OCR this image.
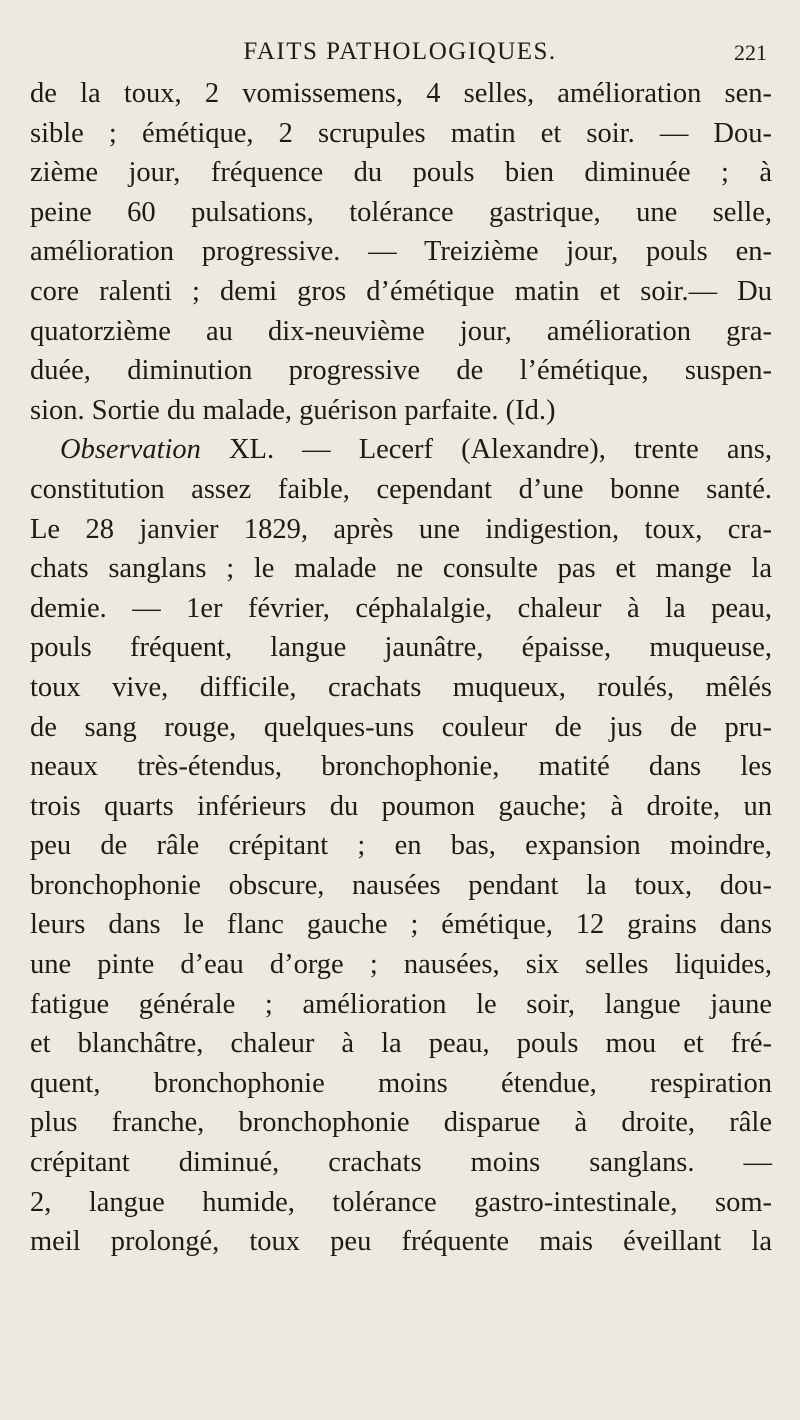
FAITS PATHOLOGIQUES.	221
de la toux, 2 vomissemens, 4 selles, amélioration sen-
sible ; émétique, 2 scrupules matin et soir. — Dou-
zième jour, fréquence du pouls bien diminuée ; à
peine 60 pulsations, tolérance gastrique, une selle,
amélioration progressive. — Treizième jour, pouls en-
core ralenti ; demi gros d’émétique matin et soir.— Du
quatorzième au dix-neuvième jour, amélioration gra-
duée, diminution progressive de l’émétique, suspen-
sion. Sortie du malade, guérison parfaite. (Id.)
Observation XL. — Lecerf (Alexandre), trente ans,
constitution assez faible, cependant d’une bonne santé.
Le 28 janvier 1829, après une indigestion, toux, cra-
chats sanglans ; le malade ne consulte pas et mange la
demie. — 1er février, céphalalgie, chaleur à la peau,
pouls fréquent, langue jaunâtre, épaisse, muqueuse,
toux vive, difficile, crachats muqueux, roulés, mêlés
de sang rouge, quelques-uns couleur de jus de pru-
neaux très-étendus, bronchophonie, matité dans les
trois quarts inférieurs du poumon gauche; à droite, un
peu de râle crépitant ; en bas, expansion moindre,
bronchophonie obscure, nausées pendant la toux, dou-
leurs dans le flanc gauche ; émétique, 12 grains dans
une pinte d’eau d’orge ; nausées, six selles liquides,
fatigue générale ; amélioration le soir, langue jaune
et blanchâtre, chaleur à la peau, pouls mou et fré-
quent, bronchophonie moins étendue, respiration
plus franche, bronchophonie disparue à droite, râle
crépitant diminué, crachats moins sanglans. —
2, langue humide, tolérance gastro-intestinale, som-
meil prolongé, toux peu fréquente mais éveillant la
